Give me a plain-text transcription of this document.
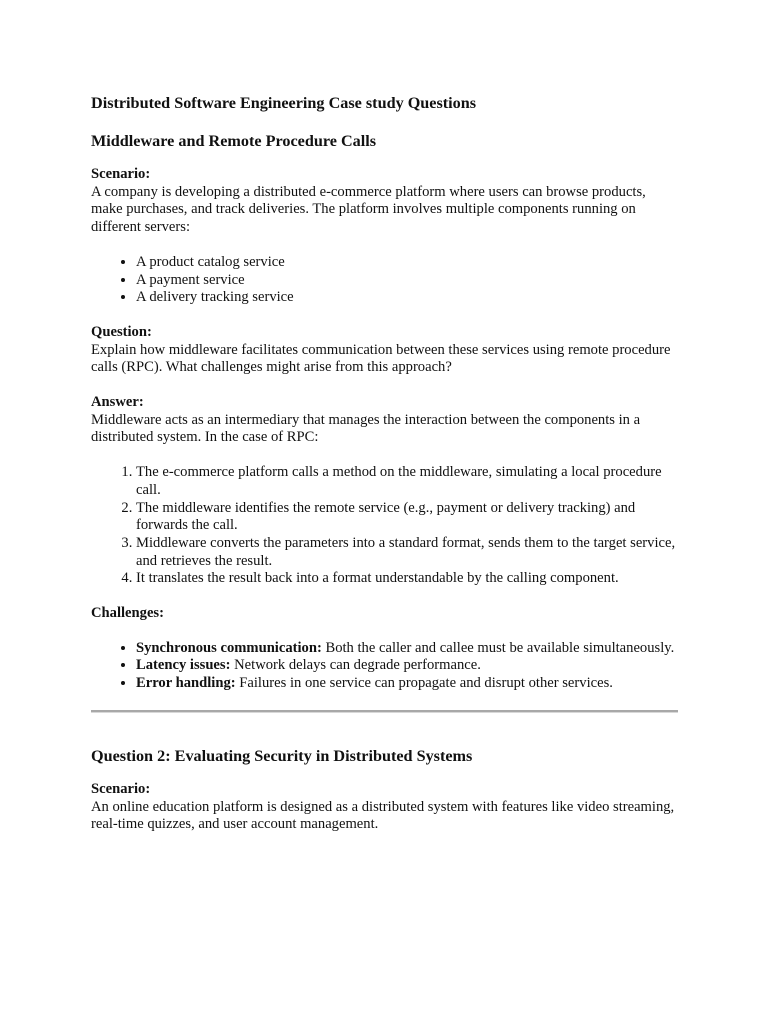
Distributed Software Engineering Case study Questions
Middleware and Remote Procedure Calls
Scenario:

A company is developing a distributed e-commerce platform where users can browse products, make purchases, and track deliveries. The platform involves multiple components running on different servers:

• A product catalog service
• A payment service
• A delivery tracking service
Question:

Explain how middleware facilitates communication between these services using remote procedure calls (RPC). What challenges might arise from this approach?

Answer:

Middleware acts as an intermediary that manages the interaction between the components in a distributed system. In the case of RPC:

1. The e-commerce platform calls a method on the middleware, simulating a local procedure call.
2. The middleware identifies the remote service (e.g., payment or delivery tracking) and forwards the call.
3. Middleware converts the parameters into a standard format, sends them to the target service, and retrieves the result.
4. It translates the result back into a format understandable by the calling component.
Challenges:
• Synchronous communication: Both the caller and callee must be available simultaneously.
• Latency issues: Network delays can degrade performance.
• Error handling: Failures in one service can propagate and disrupt other services.
Question 2: Evaluating Security in Distributed Systems
Scenario:

An online education platform is designed as a distributed system with features like video streaming, real-time quizzes, and user account management.
